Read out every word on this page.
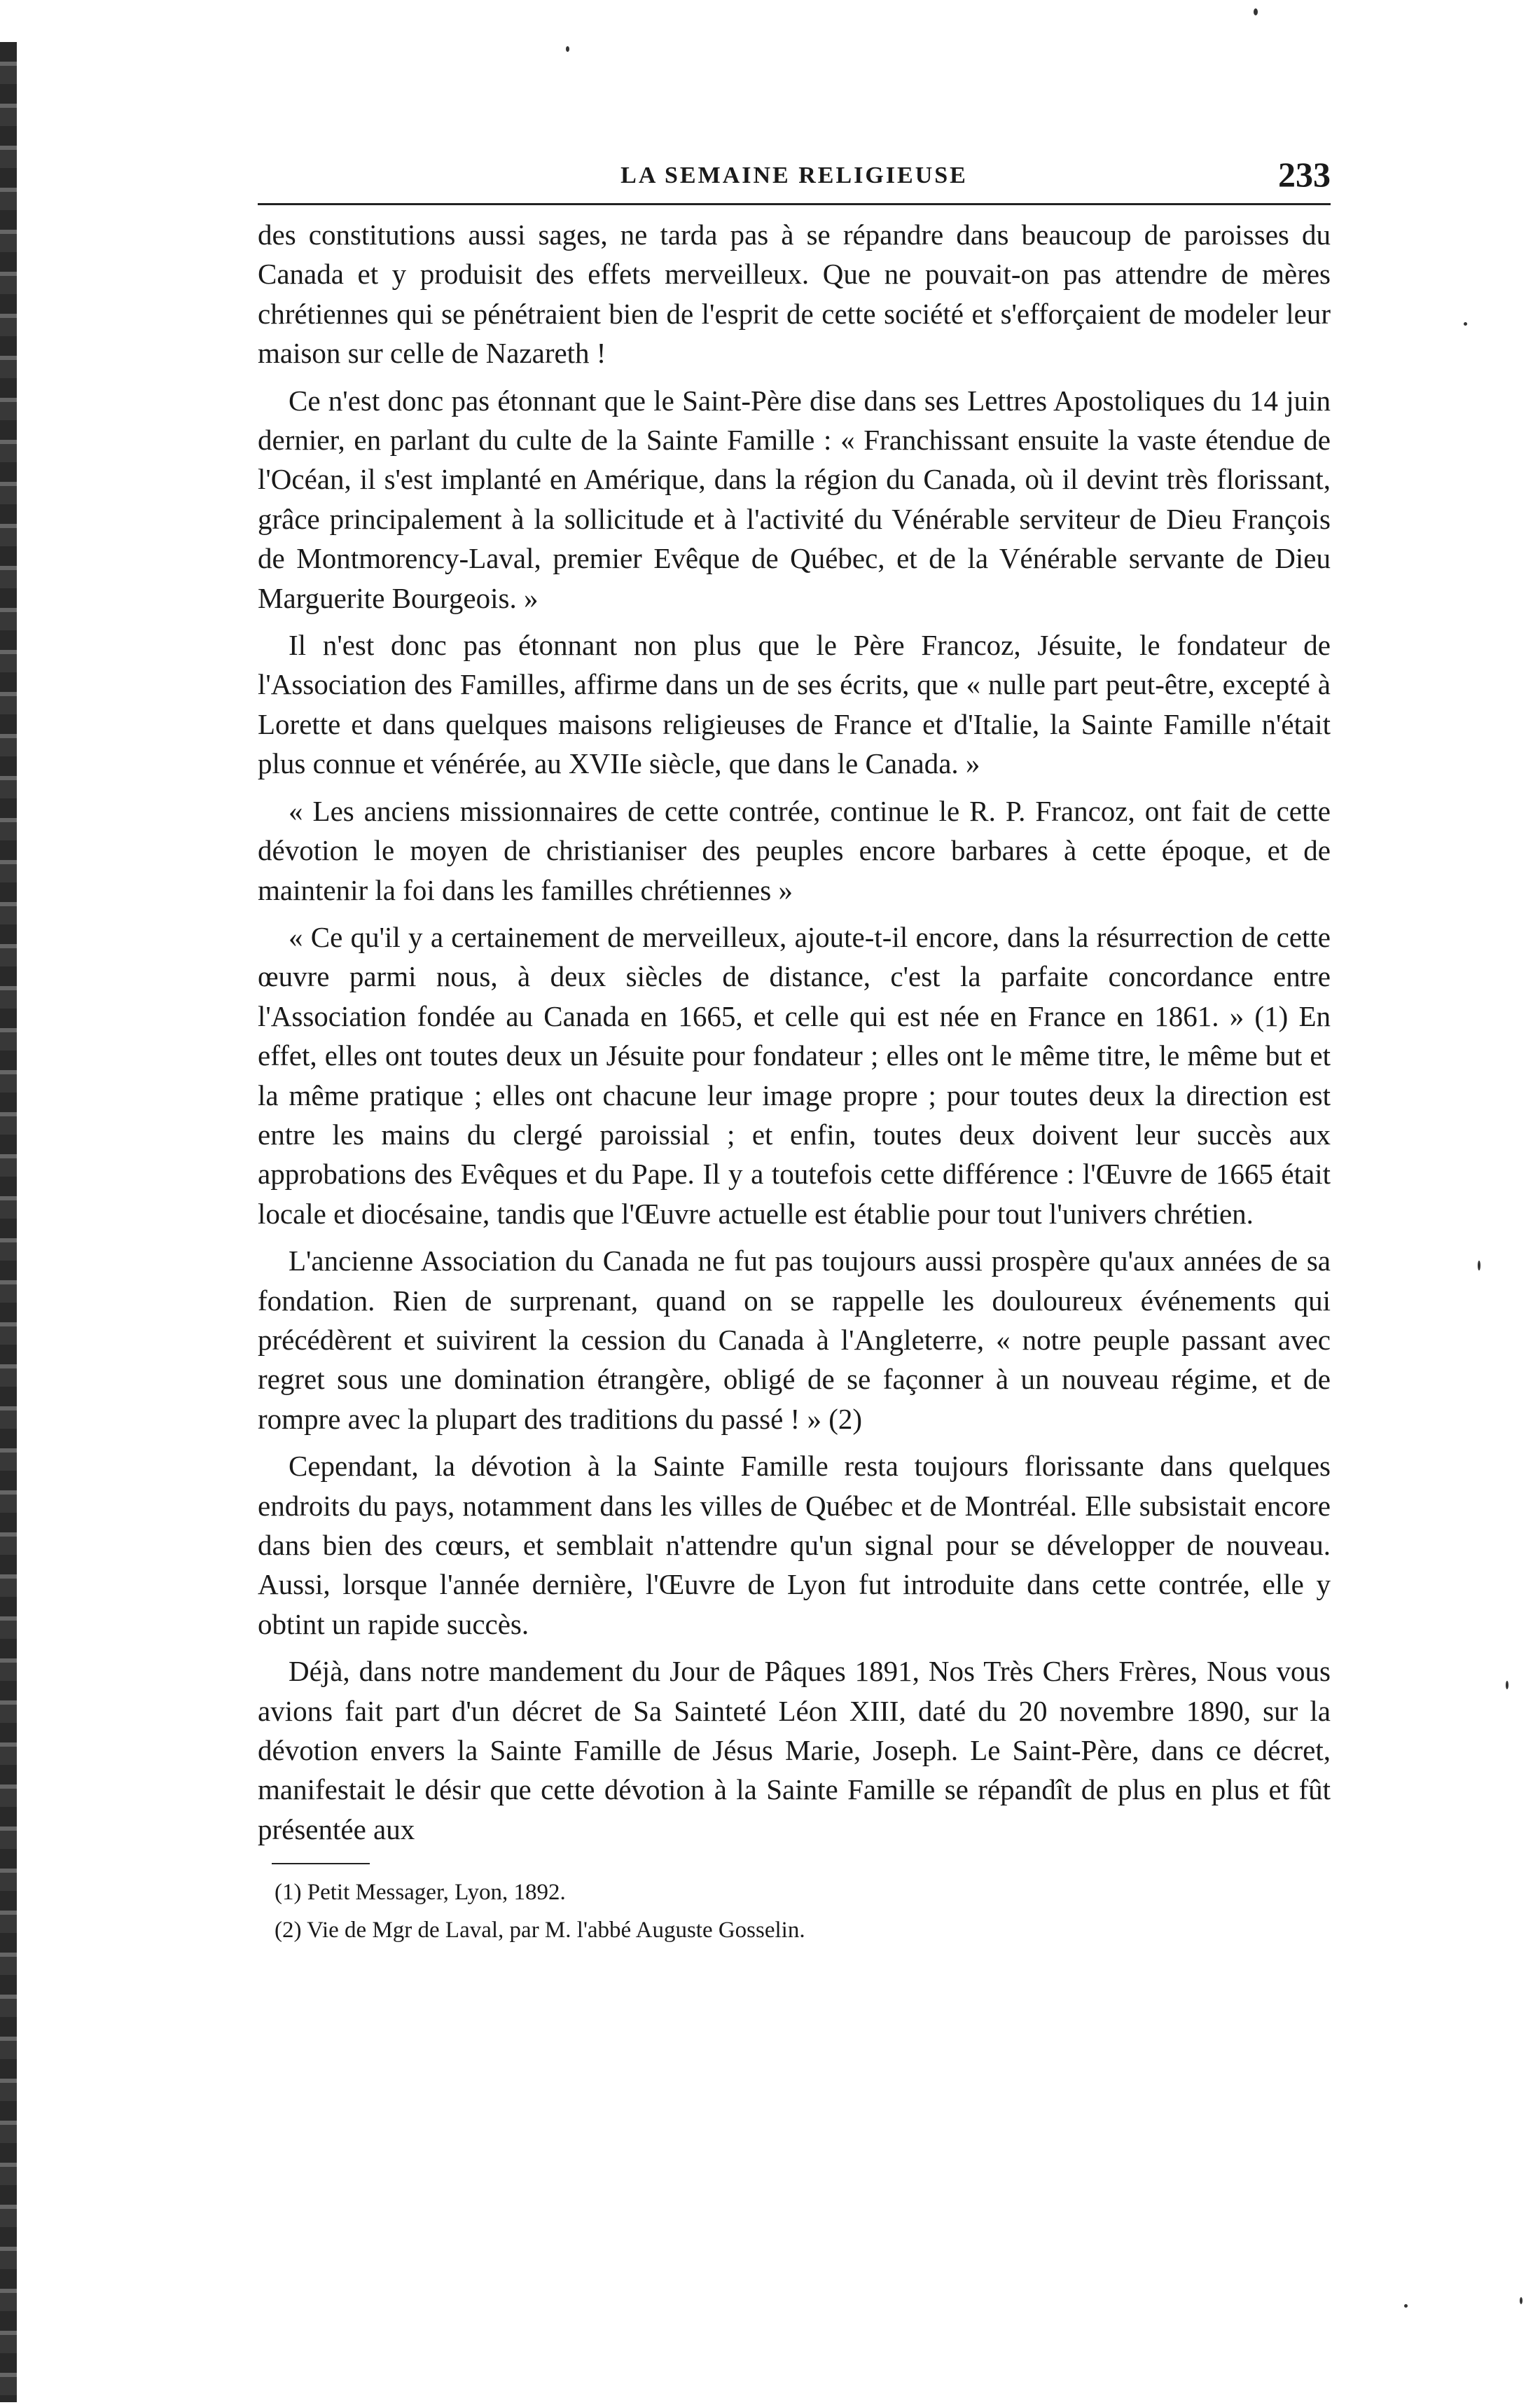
LA SEMAINE RELIGIEUSE	233

des constitutions aussi sages, ne tarda pas à se répandre dans beaucoup de paroisses du Canada et y produisit des effets merveilleux. Que ne pouvait-on pas attendre de mères chrétiennes qui se pénétraient bien de l'esprit de cette société et s'efforçaient de modeler leur maison sur celle de Nazareth !

Ce n'est donc pas étonnant que le Saint-Père dise dans ses Lettres Apostoliques du 14 juin dernier, en parlant du culte de la Sainte Famille : « Franchissant ensuite la vaste étendue de l'Océan, il s'est implanté en Amérique, dans la région du Canada, où il devint très florissant, grâce principalement à la sollicitude et à l'activité du Vénérable serviteur de Dieu François de Montmorency-Laval, premier Evêque de Québec, et de la Vénérable servante de Dieu Marguerite Bourgeois. »

Il n'est donc pas étonnant non plus que le Père Francoz, Jésuite, le fondateur de l'Association des Familles, affirme dans un de ses écrits, que « nulle part peut-être, excepté à Lorette et dans quelques maisons religieuses de France et d'Italie, la Sainte Famille n'était plus connue et vénérée, au XVIIe siècle, que dans le Canada. »

« Les anciens missionnaires de cette contrée, continue le R. P. Francoz, ont fait de cette dévotion le moyen de christianiser des peuples encore barbares à cette époque, et de maintenir la foi dans les familles chrétiennes »

« Ce qu'il y a certainement de merveilleux, ajoute-t-il encore, dans la résurrection de cette œuvre parmi nous, à deux siècles de distance, c'est la parfaite concordance entre l'Association fondée au Canada en 1665, et celle qui est née en France en 1861. » (1) En effet, elles ont toutes deux un Jésuite pour fondateur ; elles ont le même titre, le même but et la même pratique ; elles ont chacune leur image propre ; pour toutes deux la direction est entre les mains du clergé paroissial ; et enfin, toutes deux doivent leur succès aux approbations des Evêques et du Pape. Il y a toutefois cette différence : l'Œuvre de 1665 était locale et diocésaine, tandis que l'Œuvre actuelle est établie pour tout l'univers chrétien.

L'ancienne Association du Canada ne fut pas toujours aussi prospère qu'aux années de sa fondation. Rien de surprenant, quand on se rappelle les douloureux événements qui précédèrent et suivirent la cession du Canada à l'Angleterre, « notre peuple passant avec regret sous une domination étrangère, obligé de se façonner à un nouveau régime, et de rompre avec la plupart des traditions du passé ! » (2)

Cependant, la dévotion à la Sainte Famille resta toujours florissante dans quelques endroits du pays, notamment dans les villes de Québec et de Montréal. Elle subsistait encore dans bien des cœurs, et semblait n'attendre qu'un signal pour se développer de nouveau. Aussi, lorsque l'année dernière, l'Œuvre de Lyon fut introduite dans cette contrée, elle y obtint un rapide succès.

Déjà, dans notre mandement du Jour de Pâques 1891, Nos Très Chers Frères, Nous vous avions fait part d'un décret de Sa Sainteté Léon XIII, daté du 20 novembre 1890, sur la dévotion envers la Sainte Famille de Jésus Marie, Joseph. Le Saint-Père, dans ce décret, manifestait le désir que cette dévotion à la Sainte Famille se répandît de plus en plus et fût présentée aux

(1) Petit Messager, Lyon, 1892.
(2) Vie de Mgr de Laval, par M. l'abbé Auguste Gosselin.
